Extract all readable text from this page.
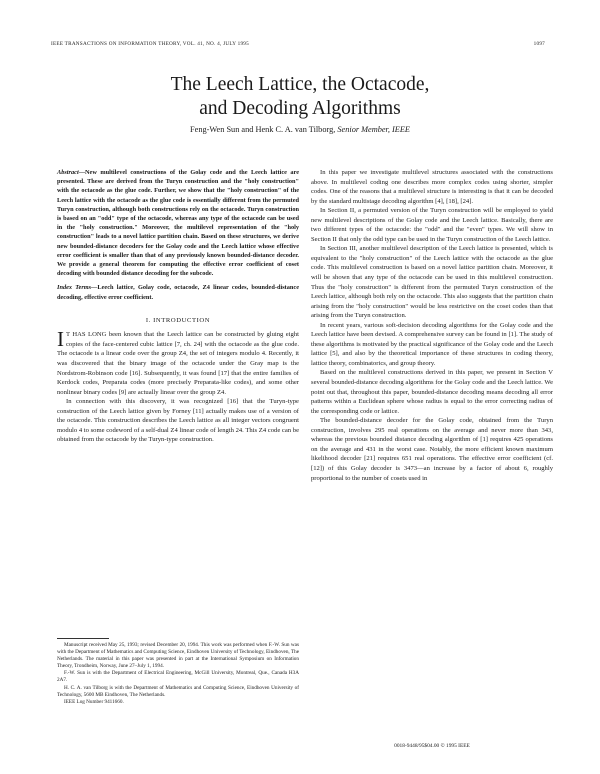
IEEE TRANSACTIONS ON INFORMATION THEORY, VOL. 41, NO. 4, JULY 1995	1097
The Leech Lattice, the Octacode,
and Decoding Algorithms
Feng-Wen Sun and Henk C. A. van Tilborg, Senior Member, IEEE
Abstract—New multilevel constructions of the Golay code and the Leech lattice are presented. These are derived from the Turyn construction and the "holy construction" with the octacode as the glue code. Further, we show that the "holy construction" of the Leech lattice with the octacode as the glue code is essentially different from the permuted Turyn construction, although both constructions rely on the octacode. Turyn construction is based on an "odd" type of the octacode, whereas any type of the octacode can be used in the "holy construction." Moreover, the multilevel representation of the "holy construction" leads to a novel lattice partition chain. Based on these structures, we derive new bounded-distance decoders for the Golay code and the Leech lattice whose effective error coefficient is smaller than that of any previously known bounded-distance decoder. We provide a general theorem for computing the effective error coefficient of coset decoding with bounded distance decoding for the subcode.
Index Terms—Leech lattice, Golay code, octacode, Z4 linear codes, bounded-distance decoding, effective error coefficient.
I. INTRODUCTION

I T HAS LONG been known that the Leech lattice can be constructed by gluing eight copies of the face-centered cubic lattice [7, ch. 24] with the octacode as the glue code. The octacode is a linear code over the group Z4, the set of integers modulo 4. Recently, it was discovered that the binary image of the octacode under the Gray map is the Nordstrom-Robinson code [16]. Subsequently, it was found [17] that the entire families of Kerdock codes, Preparata codes (more precisely Preparata-like codes), and some other nonlinear binary codes [9] are actually linear over the group Z4.

In connection with this discovery, it was recognized [16] that the Turyn-type construction of the Leech lattice given by Forney [11] actually makes use of a version of the octacode. This construction describes the Leech lattice as all integer vectors congruent modulo 4 to some codeword of a self-dual Z4 linear code of length 24. This Z4 code can be obtained from the octacode by the Turyn-type construction.

Manuscript received May 25, 1993; revised December 20, 1994. This work was performed when F.-W. Sun was with the Department of Mathematics and Computing Science, Eindhoven University of Technology, Eindhoven, The Netherlands. The material in this paper was presented in part at the International Symposium on Information Theory, Trondheim, Norway, June 27–July 1, 1994.

F.-W. Sun is with the Department of Electrical Engineering, McGill University, Montreal, Que., Canada H3A 2A7.

H. C. A. van Tilborg is with the Department of Mathematics and Computing Science, Eindhoven University of Technology, 5600 MB Eindhoven, The Netherlands.

IEEE Log Number 9411660.

In this paper we investigate multilevel structures associated with the constructions above. In multilevel coding one describes more complex codes using shorter, simpler codes. One of the reasons that a multilevel structure is interesting is that it can be decoded by the standard multistage decoding algorithm [4], [18], [24].

In Section II, a permuted version of the Turyn construction will be employed to yield new multilevel descriptions of the Golay code and the Leech lattice. Basically, there are two different types of the octacode: the "odd" and the "even" types. We will show in Section II that only the odd type can be used in the Turyn construction of the Leech lattice.

In Section III, another multilevel description of the Leech lattice is presented, which is equivalent to the "holy construction" of the Leech lattice with the octacode as the glue code. This multilevel construction is based on a novel lattice partition chain. Moreover, it will be shown that any type of the octacode can be used in this multilevel construction. Thus the "holy construction" is different from the permuted Turyn construction of the Leech lattice, although both rely on the octacode. This also suggests that the partition chain arising from the "holy construction" would be less restrictive on the coset codes than that arising from the Turyn construction.

In recent years, various soft-decision decoding algorithms for the Golay code and the Leech lattice have been devised. A comprehensive survey can be found in [1]. The study of these algorithms is motivated by the practical significance of the Golay code and the Leech lattice [5], and also by the theoretical importance of these structures in coding theory, lattice theory, combinatorics, and group theory.

Based on the multilevel constructions derived in this paper, we present in Section V several bounded-distance decoding algorithms for the Golay code and the Leech lattice. We point out that, throughout this paper, bounded-distance decoding means decoding all error patterns within a Euclidean sphere whose radius is equal to the error correcting radius of the corresponding code or lattice.

The bounded-distance decoder for the Golay code, obtained from the Turyn construction, involves 295 real operations on the average and never more than 343, whereas the previous bounded distance decoding algorithm of [1] requires 425 operations on the average and 431 in the worst case. Notably, the more efficient known maximum likelihood decoder [21] requires 651 real operations. The effective error coefficient (cf. [12]) of this Golay decoder is 3473—an increase by a factor of about 6, roughly proportional to the number of cosets used in

0018-9448/95$04.00 © 1995 IEEE
